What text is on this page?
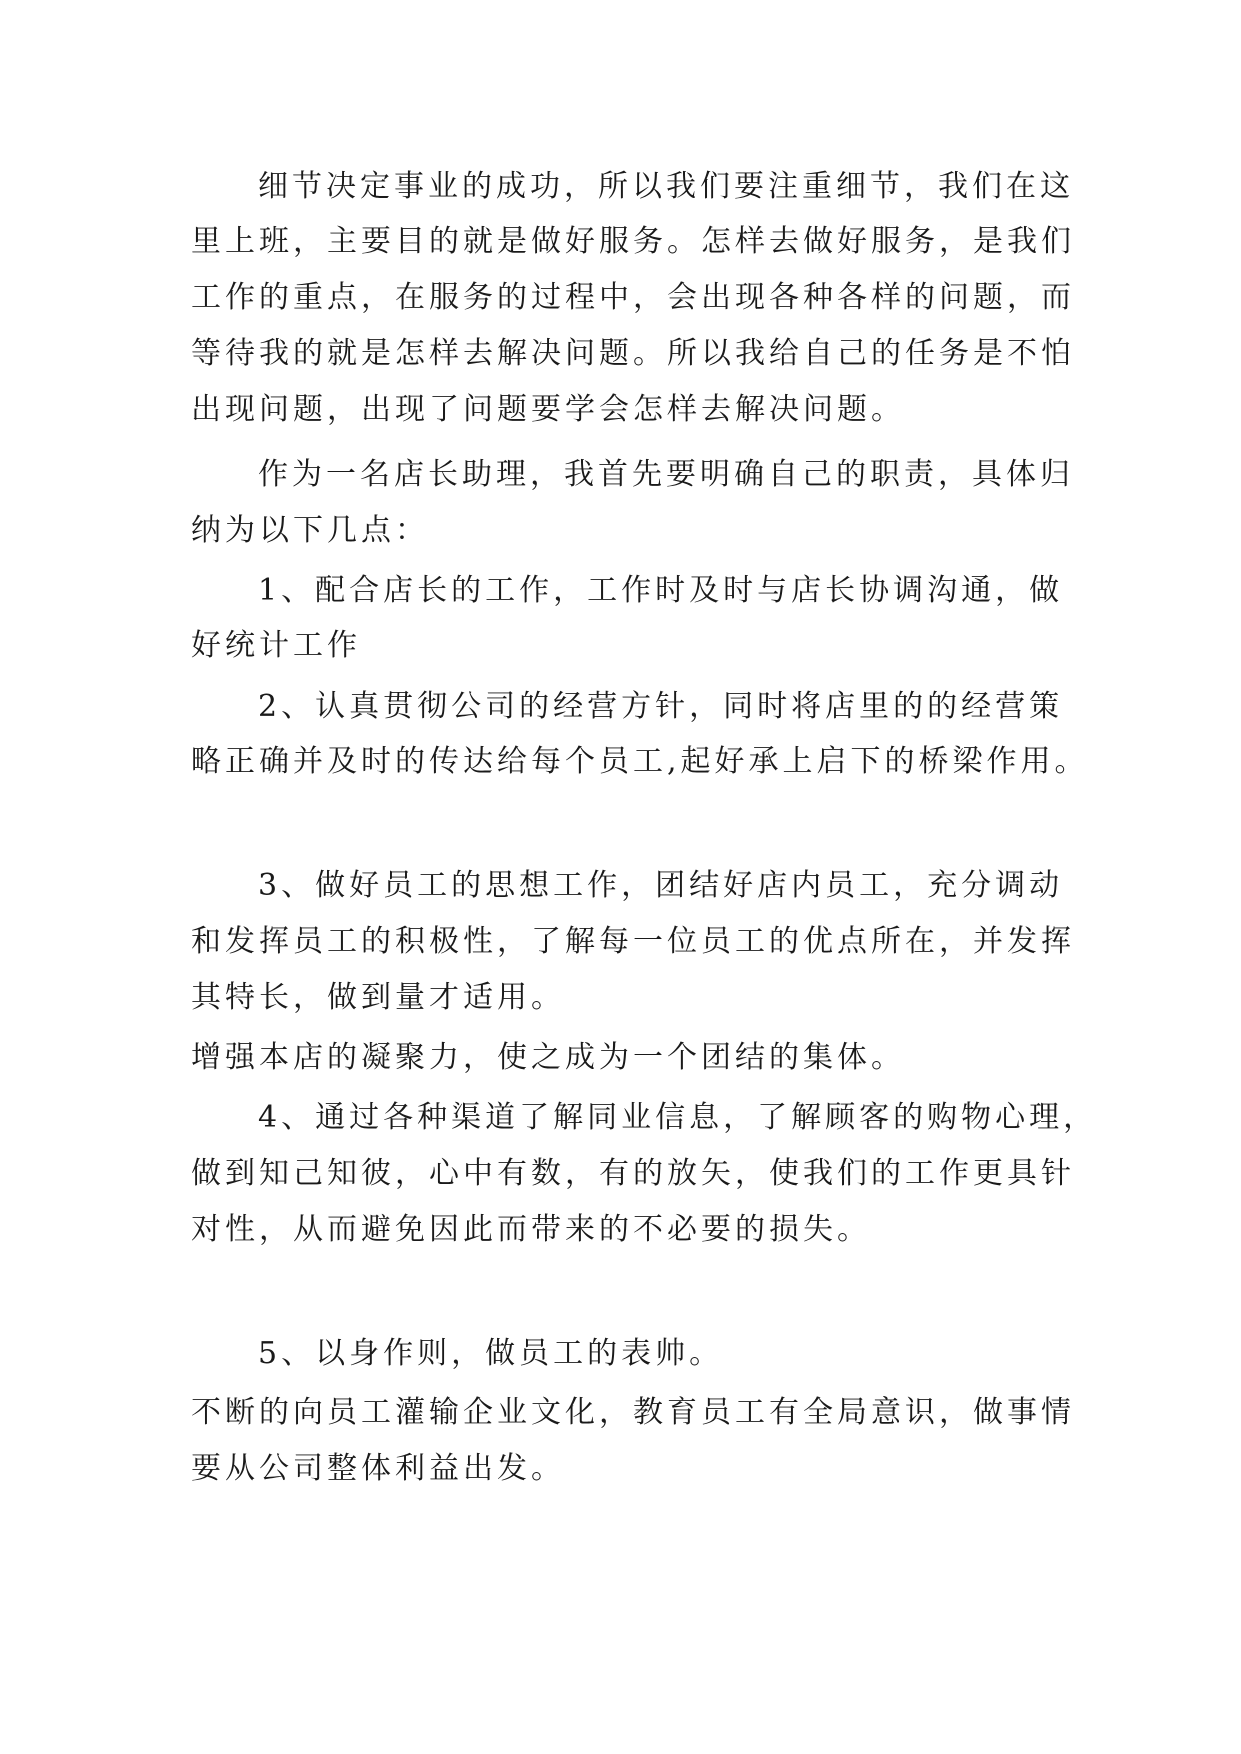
细节决定事业的成功，所以我们要注重细节，我们在这
里上班，主要目的就是做好服务。怎样去做好服务，是我们
工作的重点，在服务的过程中，会出现各种各样的问题，而
等待我的就是怎样去解决问题。所以我给自己的任务是不怕
出现问题，出现了问题要学会怎样去解决问题。
作为一名店长助理，我首先要明确自己的职责，具体归
纳为以下几点：
1、配合店长的工作，工作时及时与店长协调沟通，做
好统计工作
2、认真贯彻公司的经营方针，同时将店里的的经营策
略正确并及时的传达给每个员工,起好承上启下的桥梁作用。
3、做好员工的思想工作，团结好店内员工，充分调动
和发挥员工的积极性，了解每一位员工的优点所在，并发挥
其特长，做到量才适用。
增强本店的凝聚力，使之成为一个团结的集体。
4、通过各种渠道了解同业信息，了解顾客的购物心理，
做到知己知彼，心中有数，有的放矢，使我们的工作更具针
对性，从而避免因此而带来的不必要的损失。
5、以身作则，做员工的表帅。
不断的向员工灌输企业文化，教育员工有全局意识，做事情
要从公司整体利益出发。
